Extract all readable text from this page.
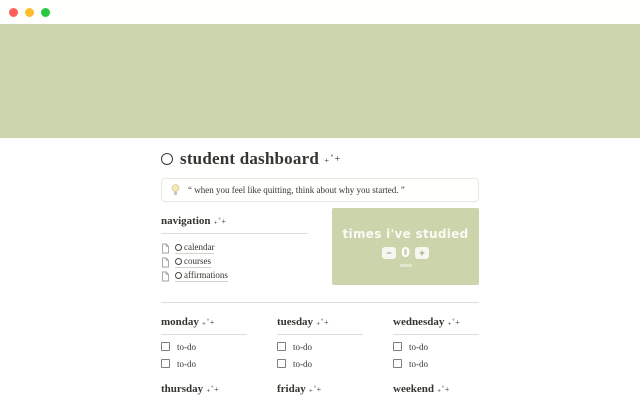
student dashboard ₊˚+
“ when you feel like quitting, think about why you started. ”
navigation ₊˚+
calendar
courses
affirmations
times i've studied
− 0	+
monday ₊˚+
to-do
to-do
tuesday ₊˚+
to-do
to-do
wednesday ₊˚+
to-do
to-do
thursday ₊˚+	friday ₊˚+	weekend ₊˚+
